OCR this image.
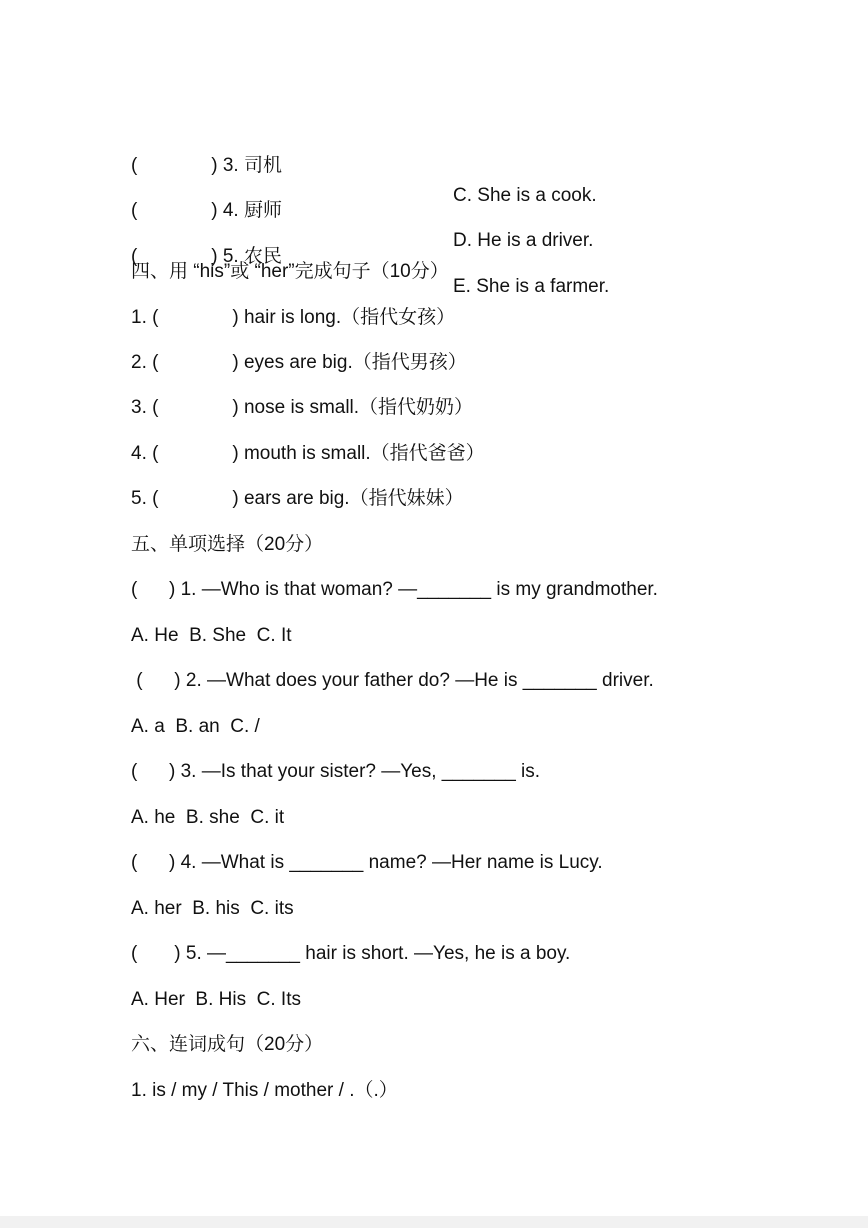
(              ) 3. 司机

C. She is a cook.

(              ) 4. 厨师

D. He is a driver.

(              ) 5. 农民

E. She is a farmer.

四、用 “his”或 “her”完成句子（10分）
1. (              ) hair is long.（指代女孩）
2. (              ) eyes are big.（指代男孩）
3. (              ) nose is small.（指代奶奶）
4. (              ) mouth is small.（指代爸爸）
5. (              ) ears are big.（指代妹妹）
五、单项选择（20分）
(      ) 1. —Who is that woman? —_______ is my grandmother.
A. He  B. She  C. It
(      ) 2. —What does your father do? —He is _______ driver.
A. a  B. an  C. /
(      ) 3. —Is that your sister? —Yes, _______ is.
A. he  B. she  C. it
(      ) 4. —What is _______ name? —Her name is Lucy.
A. her  B. his  C. its
(       ) 5. —_______ hair is short. —Yes, he is a boy.
A. Her  B. His  C. Its
六、连词成句（20分）
1. is / my / This / mother / .（.）
